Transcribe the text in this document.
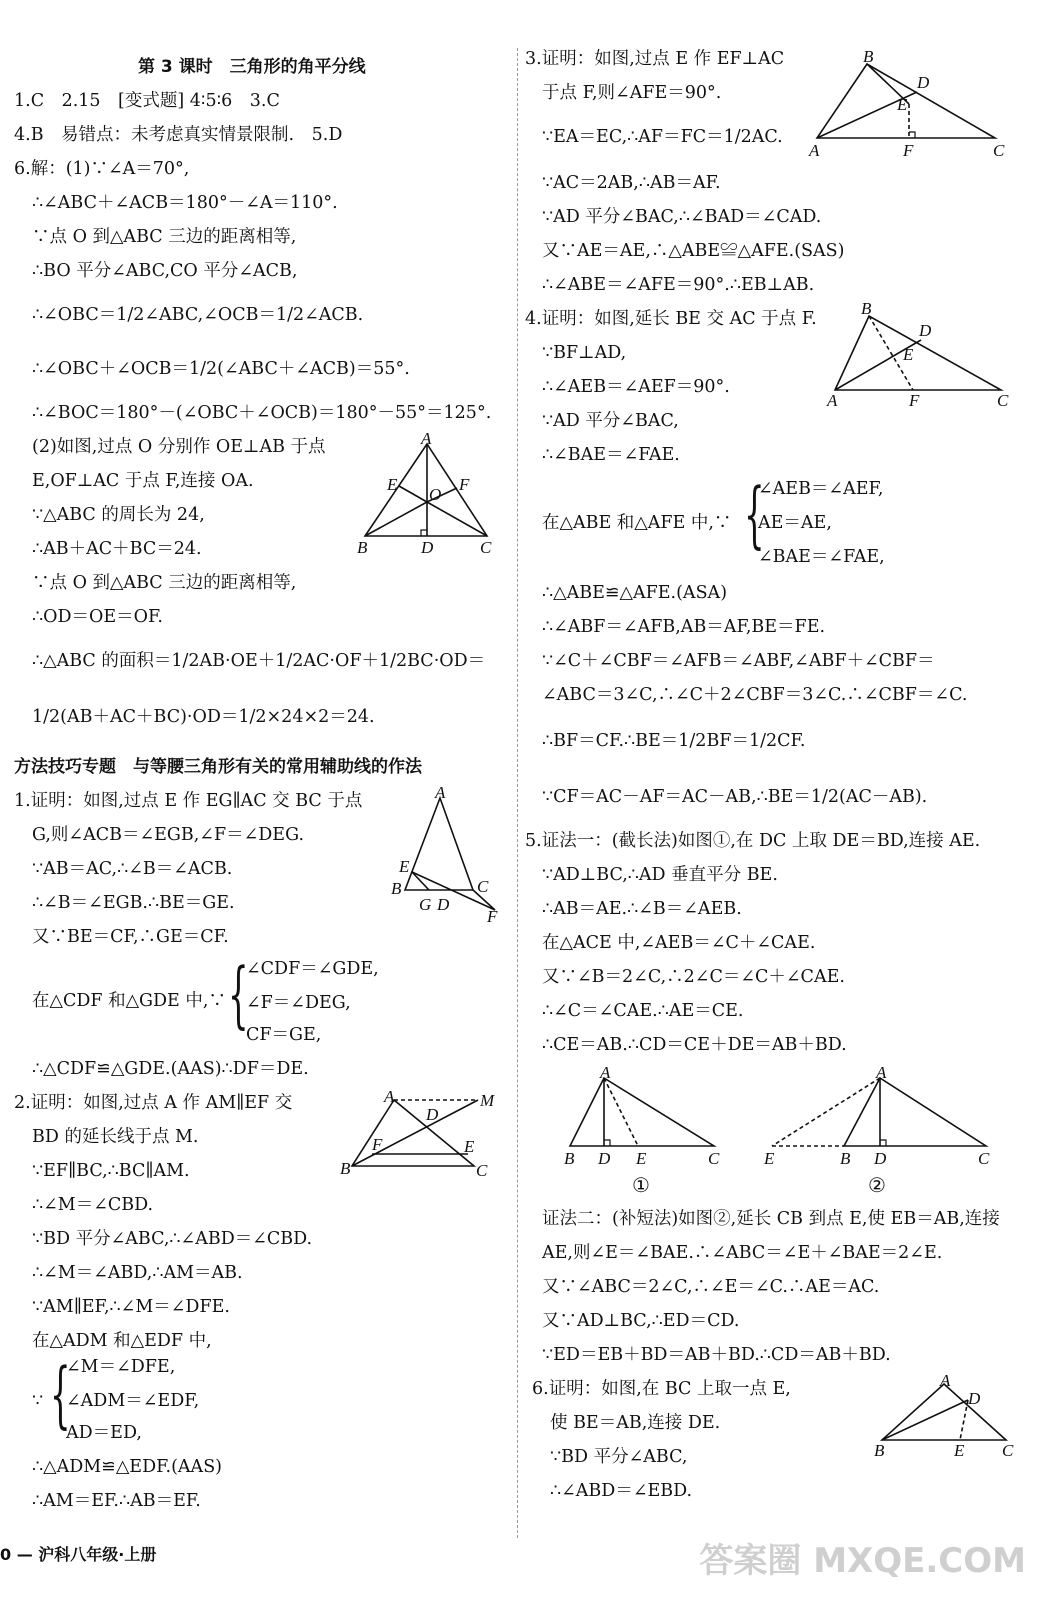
第 3 课时　三角形的角平分线
1.C　2.15　[变式题] 4∶5∶6　3.C
4.B　易错点：未考虑真实情景限制.　5.D
6.解：(1)∵∠A＝70°,
∴∠ABC＋∠ACB＝180°－∠A＝110°.
∵点 O 到△ABC 三边的距离相等,
∴BO 平分∠ABC,CO 平分∠ACB,
∴∠OBC＝1/2∠ABC,∠OCB＝1/2∠ACB.
∴∠OBC＋∠OCB＝1/2(∠ABC＋∠ACB)＝55°.
∴∠BOC＝180°－(∠OBC＋∠OCB)＝180°－55°＝125°.
(2)如图,过点 O 分别作 OE⊥AB 于点
E,OF⊥AC 于点 F,连接 OA.
∵△ABC 的周长为 24,
∴AB＋AC＋BC＝24.
∵点 O 到△ABC 三边的距离相等,
∴OD＝OE＝OF.
∴△ABC 的面积＝1/2AB·OE＋1/2AC·OF＋1/2BC·OD＝
1/2(AB＋AC＋BC)·OD＝1/2×24×2＝24.
A
B	C
D
E	F
O
方法技巧专题　与等腰三角形有关的常用辅助线的作法
1.证明：如图,过点 E 作 EG∥AC 交 BC 于点
G,则∠ACB＝∠EGB,∠F＝∠DEG.
∵AB＝AC,∴∠B＝∠ACB.
∴∠B＝∠EGB.∴BE＝GE.
又∵BE＝CF,∴GE＝CF.
在△CDF 和△GDE 中,∵ {
∠CDF＝∠GDE,
∠F＝∠DEG,
CF＝GE,
∴△CDF≌△GDE.(AAS)∴DF＝DE.
A
B	C
E
G D
F
2.证明：如图,过点 A 作 AM∥EF 交
BD 的延长线于点 M.
∵EF∥BC,∴BC∥AM.
∴∠M＝∠CBD.
∵BD 平分∠ABC,∴∠ABD＝∠CBD.
∴∠M＝∠ABD,∴AM＝AB.
∵AM∥EF,∴∠M＝∠DFE.
在△ADM 和△EDF 中,
∵ {
∠M＝∠DFE,
∠ADM＝∠EDF,
AD＝ED,
∴△ADM≌△EDF.(AAS)
∴AM＝EF.∴AB＝EF.
A	M
D
F	E
B	C
3.证明：如图,过点 E 作 EF⊥AC
于点 F,则∠AFE＝90°.
∵EA＝EC,∴AF＝FC＝1/2AC.
∵AC＝2AB,∴AB＝AF.
∵AD 平分∠BAC,∴∠BAD＝∠CAD.
又∵AE＝AE,∴△ABE≌△AFE.(SAS)
∴∠ABE＝∠AFE＝90°.∴EB⊥AB.
B
D
E
A	F	C
4.证明：如图,延长 BE 交 AC 于点 F.
∵BF⊥AD,
∴∠AEB＝∠AEF＝90°.
∵AD 平分∠BAC,
∴∠BAE＝∠FAE.
B
D
E
A	F	C
在△ABE 和△AFE 中,∵ {
∠AEB＝∠AEF,
AE＝AE,
∠BAE＝∠FAE,
∴△ABE≌△AFE.(ASA)
∴∠ABF＝∠AFB,AB＝AF,BE＝FE.
∵∠C＋∠CBF＝∠AFB＝∠ABF,∠ABF＋∠CBF＝
∠ABC＝3∠C,∴∠C＋2∠CBF＝3∠C.∴∠CBF＝∠C.
∴BF＝CF.∴BE＝1/2BF＝1/2CF.
∵CF＝AC－AF＝AC－AB,∴BE＝1/2(AC－AB).
5.证法一：(截长法)如图①,在 DC 上取 DE＝BD,连接 AE.
∵AD⊥BC,∴AD 垂直平分 BE.
∴AB＝AE.∴∠B＝∠AEB.
在△ACE 中,∠AEB＝∠C＋∠CAE.
又∵∠B＝2∠C,∴2∠C＝∠C＋∠CAE.
∴∠C＝∠CAE.∴AE＝CE.
∴CE＝AB.∴CD＝CE＋DE＝AB＋BD.
A
B D E	C
①
A
E	B D	C
②
证法二：(补短法)如图②,延长 CB 到点 E,使 EB＝AB,连接
AE,则∠E＝∠BAE.∴∠ABC＝∠E＋∠BAE＝2∠E.
又∵∠ABC＝2∠C,∴∠E＝∠C.∴AE＝AC.
又∵AD⊥BC,∴ED＝CD.
∵ED＝EB＋BD＝AB＋BD.∴CD＝AB＋BD.
6.证明：如图,在 BC 上取一点 E,
使 BE＝AB,连接 DE.
∵BD 平分∠ABC,
∴∠ABD＝∠EBD.
A
D
B	E C
0 — 沪科八年级·上册	答案圈 MXQE.COM
